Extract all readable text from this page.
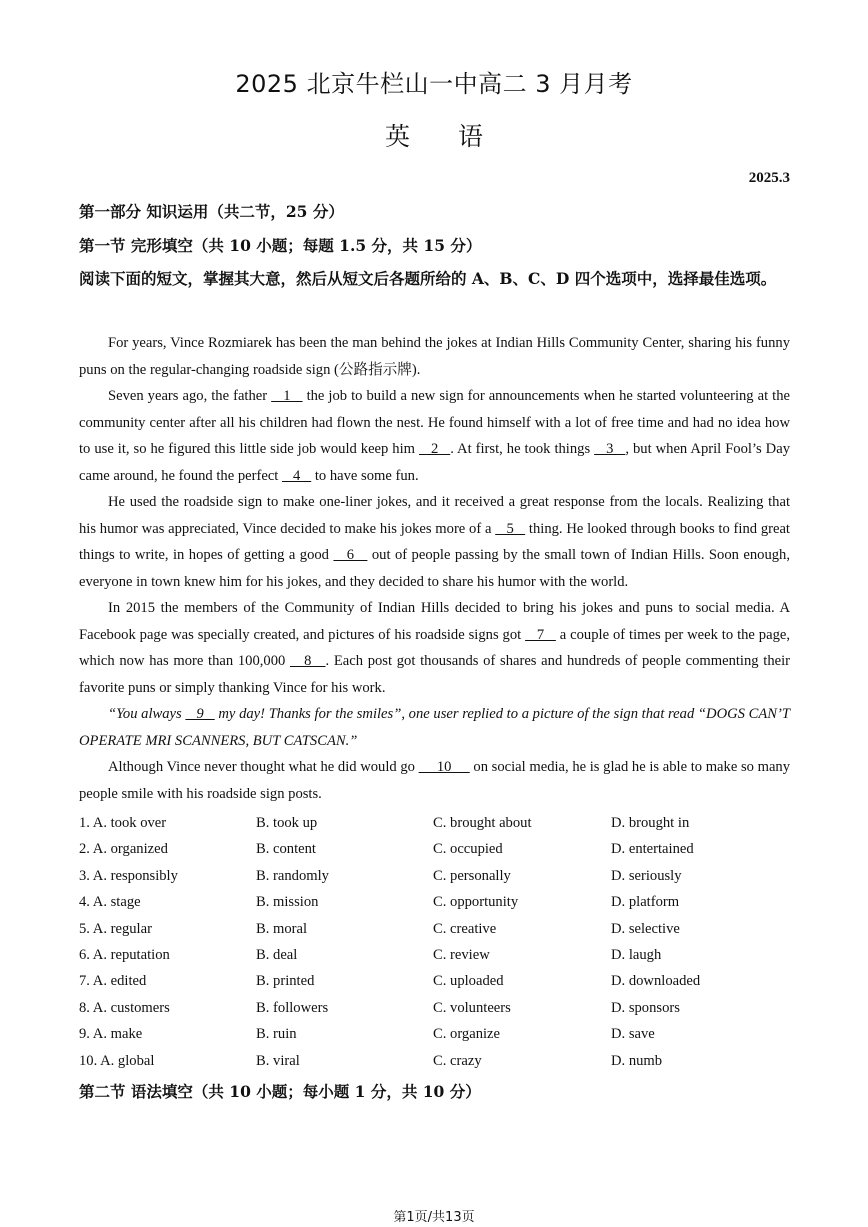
2025 北京牛栏山一中高二 3 月月考
英语
2025.3
第一部分 知识运用（共二节，25 分）
第一节 完形填空（共 10 小题；每题 1.5 分，共 15 分）
阅读下面的短文，掌握其大意，然后从短文后各题所给的 A、B、C、D 四个选项中，选择最佳选项。

For years, Vince Rozmiarek has been the man behind the jokes at Indian Hills Community Center, sharing his funny puns on the regular-changing roadside sign (公路指示牌).

Seven years ago, the father    1    the job to build a new sign for announcements when he started volunteering at the community center after all his children had flown the nest. He found himself with a lot of free time and had no idea how to use it, so he figured this little side job would keep him    2   . At first, he took things    3   , but when April Fool’s Day came around, he found the perfect    4    to have some fun.

He used the roadside sign to make one-liner jokes, and it received a great response from the locals. Realizing that his humor was appreciated, Vince decided to make his jokes more of a    5    thing. He looked through books to find great things to write, in hopes of getting a good    6    out of people passing by the small town of Indian Hills. Soon enough, everyone in town knew him for his jokes, and they decided to share his humor with the world.

In 2015 the members of the Community of Indian Hills decided to bring his jokes and puns to social media. A Facebook page was specially created, and pictures of his roadside signs got    7    a couple of times per week to the page, which now has more than 100,000    8   . Each post got thousands of shares and hundreds of people commenting their favorite puns or simply thanking Vince for his work.

“You always    9    my day! Thanks for the smiles”, one user replied to a picture of the sign that read “DOGS CAN’T OPERATE MRI SCANNERS, BUT CATSCAN.”

Although Vince never thought what he did would go      10      on social media, he is glad he is able to make so many people smile with his roadside sign posts.

1. A. took over	B. took up	C. brought about	D. brought in
2. A. organized	B. content	C. occupied	D. entertained
3. A. responsibly	B. randomly	C. personally	D. seriously
4. A. stage	B. mission	C. opportunity	D. platform
5. A. regular	B. moral	C. creative	D. selective
6. A. reputation	B. deal	C. review	D. laugh
7. A. edited	B. printed	C. uploaded	D. downloaded
8. A. customers	B. followers	C. volunteers	D. sponsors
9. A. make	B. ruin	C. organize	D. save
10. A. global	B. viral	C. crazy	D. numb
第二节 语法填空（共 10 小题；每小题 1 分，共 10 分）
第1页/共13页
